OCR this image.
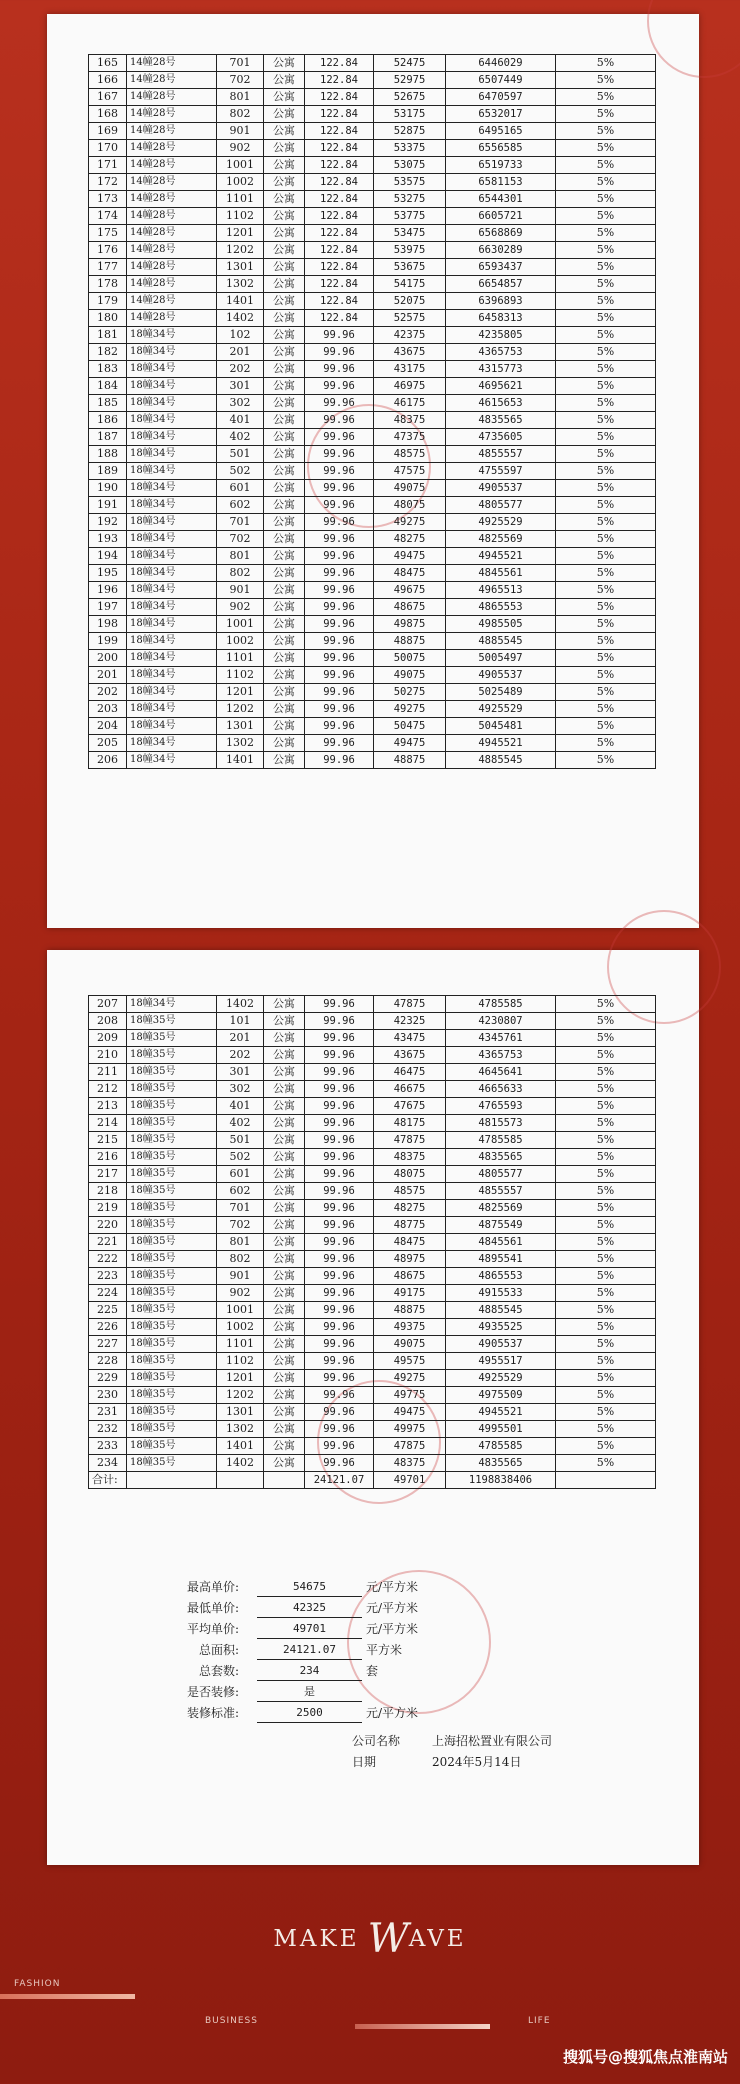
165	14幢28号	701	公寓	122.84	52475	6446029	5%
166	14幢28号	702	公寓	122.84	52975	6507449	5%
167	14幢28号	801	公寓	122.84	52675	6470597	5%
168	14幢28号	802	公寓	122.84	53175	6532017	5%
169	14幢28号	901	公寓	122.84	52875	6495165	5%
170	14幢28号	902	公寓	122.84	53375	6556585	5%
171	14幢28号	1001	公寓	122.84	53075	6519733	5%
172	14幢28号	1002	公寓	122.84	53575	6581153	5%
173	14幢28号	1101	公寓	122.84	53275	6544301	5%
174	14幢28号	1102	公寓	122.84	53775	6605721	5%
175	14幢28号	1201	公寓	122.84	53475	6568869	5%
176	14幢28号	1202	公寓	122.84	53975	6630289	5%
177	14幢28号	1301	公寓	122.84	53675	6593437	5%
178	14幢28号	1302	公寓	122.84	54175	6654857	5%
179	14幢28号	1401	公寓	122.84	52075	6396893	5%
180	14幢28号	1402	公寓	122.84	52575	6458313	5%
181	18幢34号	102	公寓	99.96	42375	4235805	5%
182	18幢34号	201	公寓	99.96	43675	4365753	5%
183	18幢34号	202	公寓	99.96	43175	4315773	5%
184	18幢34号	301	公寓	99.96	46975	4695621	5%
185	18幢34号	302	公寓	99.96	46175	4615653	5%
186	18幢34号	401	公寓	99.96	48375	4835565	5%
187	18幢34号	402	公寓	99.96	47375	4735605	5%
188	18幢34号	501	公寓	99.96	48575	4855557	5%
189	18幢34号	502	公寓	99.96	47575	4755597	5%
190	18幢34号	601	公寓	99.96	49075	4905537	5%
191	18幢34号	602	公寓	99.96	48075	4805577	5%
192	18幢34号	701	公寓	99.96	49275	4925529	5%
193	18幢34号	702	公寓	99.96	48275	4825569	5%
194	18幢34号	801	公寓	99.96	49475	4945521	5%
195	18幢34号	802	公寓	99.96	48475	4845561	5%
196	18幢34号	901	公寓	99.96	49675	4965513	5%
197	18幢34号	902	公寓	99.96	48675	4865553	5%
198	18幢34号	1001	公寓	99.96	49875	4985505	5%
199	18幢34号	1002	公寓	99.96	48875	4885545	5%
200	18幢34号	1101	公寓	99.96	50075	5005497	5%
201	18幢34号	1102	公寓	99.96	49075	4905537	5%
202	18幢34号	1201	公寓	99.96	50275	5025489	5%
203	18幢34号	1202	公寓	99.96	49275	4925529	5%
204	18幢34号	1301	公寓	99.96	50475	5045481	5%
205	18幢34号	1302	公寓	99.96	49475	4945521	5%
206	18幢34号	1401	公寓	99.96	48875	4885545	5%
207	18幢34号	1402	公寓	99.96	47875	4785585	5%
208	18幢35号	101	公寓	99.96	42325	4230807	5%
209	18幢35号	201	公寓	99.96	43475	4345761	5%
210	18幢35号	202	公寓	99.96	43675	4365753	5%
211	18幢35号	301	公寓	99.96	46475	4645641	5%
212	18幢35号	302	公寓	99.96	46675	4665633	5%
213	18幢35号	401	公寓	99.96	47675	4765593	5%
214	18幢35号	402	公寓	99.96	48175	4815573	5%
215	18幢35号	501	公寓	99.96	47875	4785585	5%
216	18幢35号	502	公寓	99.96	48375	4835565	5%
217	18幢35号	601	公寓	99.96	48075	4805577	5%
218	18幢35号	602	公寓	99.96	48575	4855557	5%
219	18幢35号	701	公寓	99.96	48275	4825569	5%
220	18幢35号	702	公寓	99.96	48775	4875549	5%
221	18幢35号	801	公寓	99.96	48475	4845561	5%
222	18幢35号	802	公寓	99.96	48975	4895541	5%
223	18幢35号	901	公寓	99.96	48675	4865553	5%
224	18幢35号	902	公寓	99.96	49175	4915533	5%
225	18幢35号	1001	公寓	99.96	48875	4885545	5%
226	18幢35号	1002	公寓	99.96	49375	4935525	5%
227	18幢35号	1101	公寓	99.96	49075	4905537	5%
228	18幢35号	1102	公寓	99.96	49575	4955517	5%
229	18幢35号	1201	公寓	99.96	49275	4925529	5%
230	18幢35号	1202	公寓	99.96	49775	4975509	5%
231	18幢35号	1301	公寓	99.96	49475	4945521	5%
232	18幢35号	1302	公寓	99.96	49975	4995501	5%
233	18幢35号	1401	公寓	99.96	47875	4785585	5%
234	18幢35号	1402	公寓	99.96	48375	4835565	5%
合计:				24121.07	49701	1198838406	
最高单价:	54675	元/平方米
最低单价:	42325	元/平方米
平均单价:	49701	元/平方米
总面积:	24121.07	平方米
总套数:	234	套
是否装修:	是
装修标准:	2500	元/平方米
公司名称	上海招松置业有限公司
日期	2024年5月14日
MAKE WAVE
FASHION
BUSINESS	LIFE
搜狐号@搜狐焦点淮南站
